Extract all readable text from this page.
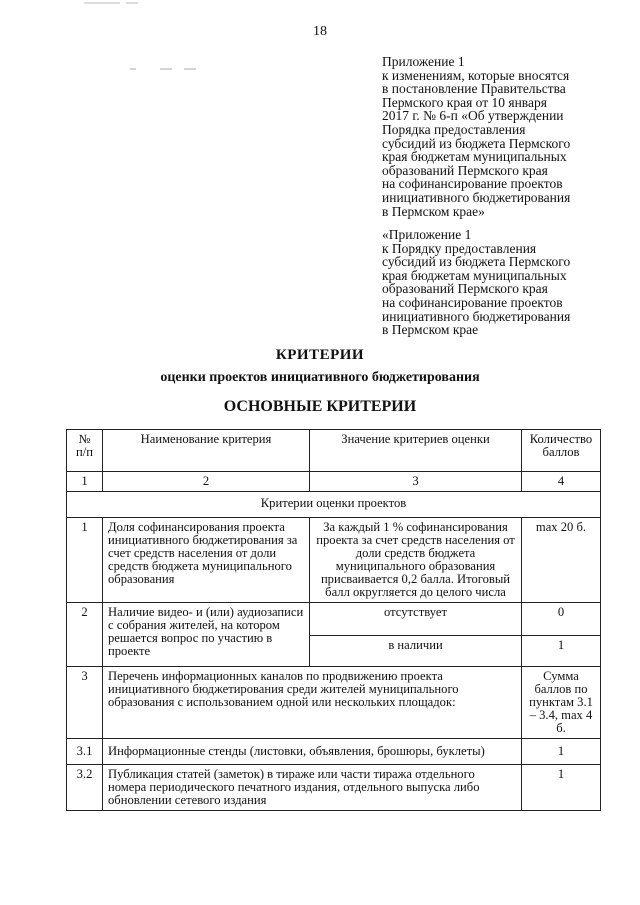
18
Приложение 1
к изменениям, которые вносятся
в постановление Правительства
Пермского края от 10 января
2017 г. № 6-п «Об утверждении
Порядка предоставления
субсидий из бюджета Пермского
края бюджетам муниципальных
образований Пермского края
на софинансирование проектов
инициативного бюджетирования
в Пермском крае»
«Приложение 1
к Порядку предоставления
субсидий из бюджета Пермского
края бюджетам муниципальных
образований Пермского края
на софинансирование проектов
инициативного бюджетирования
в Пермском крае
КРИТЕРИИ
оценки проектов инициативного бюджетирования
ОСНОВНЫЕ КРИТЕРИИ
№ п/п	Наименование критерия	Значение критериев оценки	Количество баллов
1	2	3	4
Критерии оценки проектов			
1	Доля софинансирования проекта инициативного бюджетирования за счет средств населения от доли средств бюджета муниципального образования	За каждый 1 % софинансирования проекта за счет средств населения от доли средств бюджета муниципального образования присваивается 0,2 балла. Итоговый балл округляется до целого числа	max 20 б.
2	Наличие видео- и (или) аудиозаписи с собрания жителей, на котором решается вопрос по участию в проекте	отсутствует	0
		в наличии	1
3	Перечень информационных каналов по продвижению проекта инициативного бюджетирования среди жителей муниципального образования с использованием одной или нескольких площадок:		Сумма баллов по пунктам 3.1 – 3.4, max 4 б.
3.1	Информационные стенды (листовки, объявления, брошюры, буклеты)		1
3.2	Публикация статей (заметок) в тираже или части тиража отдельного номера периодического печатного издания, отдельного выпуска либо обновлении сетевого издания		1
